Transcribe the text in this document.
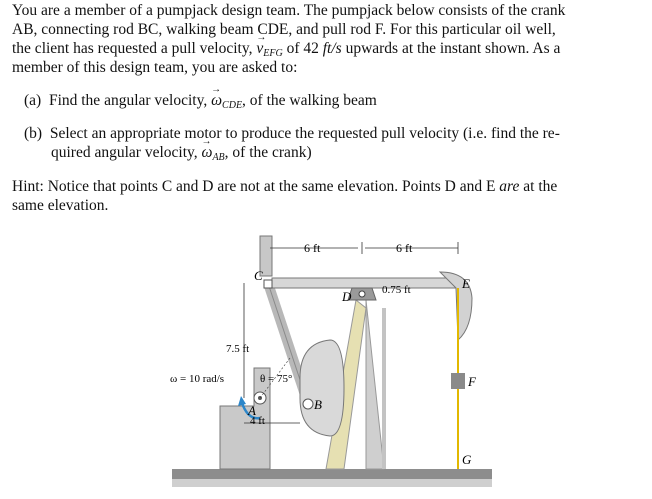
You are a member of a pumpjack design team. The pumpjack below consists of the crank

AB, connecting rod BC, walking beam CDE, and pull rod F. For this particular oil well,

the client has requested a pull velocity, → vEFG of 42 ft/s upwards at the instant shown. As a

member of this design team, you are asked to:

(a) Find the angular velocity, → ωCDE, of the walking beam

(b) Select an appropriate motor to produce the requested pull velocity (i.e. find the re-

quired angular velocity, → ωAB, of the crank)

Hint: Notice that points C and D are not at the same elevation. Points D and E are at the

same elevation.

6 ft	6 ft
0.75 ft
7.5 ft
4 ft
ω = 10 rad/s	θ = 75°
A	B
C
D
E
F
G
